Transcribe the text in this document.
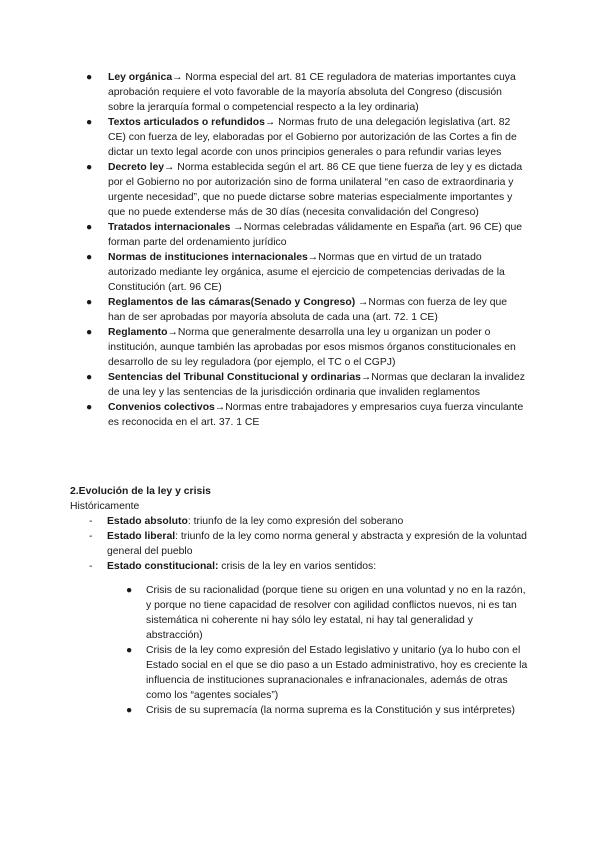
● Ley orgánica→ Norma especial del art. 81 CE reguladora de materias importantes cuya aprobación requiere el voto favorable de la mayoría absoluta del Congreso (discusión sobre la jerarquía formal o competencial respecto a la ley ordinaria)
● Textos articulados o refundidos→ Normas fruto de una delegación legislativa (art. 82 CE) con fuerza de ley, elaboradas por el Gobierno por autorización de las Cortes a fin de dictar un texto legal acorde con unos principios generales o para refundir varias leyes
● Decreto ley→ Norma establecida según el art. 86 CE que tiene fuerza de ley y es dictada por el Gobierno no por autorización sino de forma unilateral “en caso de extraordinaria y urgente necesidad”, que no puede dictarse sobre materias especialmente importantes y que no puede extenderse más de 30 días (necesita convalidación del Congreso)
● Tratados internacionales →Normas celebradas válidamente en España (art. 96 CE) que forman parte del ordenamiento jurídico
● Normas de instituciones internacionales→Normas que en virtud de un tratado autorizado mediante ley orgánica, asume el ejercicio de competencias derivadas de la Constitución (art. 96 CE)
● Reglamentos de las cámaras(Senado y Congreso) →Normas con fuerza de ley que han de ser aprobadas por mayoría absoluta de cada una (art. 72. 1 CE)
● Reglamento→Norma que generalmente desarrolla una ley u organizan un poder o institución, aunque también las aprobadas por esos mismos órganos constitucionales en desarrollo de su ley reguladora (por ejemplo, el TC o el CGPJ)
● Sentencias del Tribunal Constitucional y ordinarias→Normas que declaran la invalidez de una ley y las sentencias de la jurisdicción ordinaria que invaliden reglamentos
● Convenios colectivos→Normas entre trabajadores y empresarios cuya fuerza vinculante es reconocida en el art. 37. 1 CE

2.Evolución de la ley y crisis

Históricamente

- Estado absoluto: triunfo de la ley como expresión del soberano
- Estado liberal: triunfo de la ley como norma general y abstracta y expresión de la voluntad general del pueblo
- Estado constitucional: crisis de la ley en varios sentidos:
● Crisis de su racionalidad (porque tiene su origen en una voluntad y no en la razón, y porque no tiene capacidad de resolver con agilidad conflictos nuevos, ni es tan sistemática ni coherente ni hay sólo ley estatal, ni hay tal generalidad y abstracción)
● Crisis de la ley como expresión del Estado legislativo y unitario (ya lo hubo con el Estado social en el que se dio paso a un Estado administrativo, hoy es creciente la influencia de instituciones supranacionales e infranacionales, además de otras como los “agentes sociales”)
● Crisis de su supremacía (la norma suprema es la Constitución y sus intérpretes)
